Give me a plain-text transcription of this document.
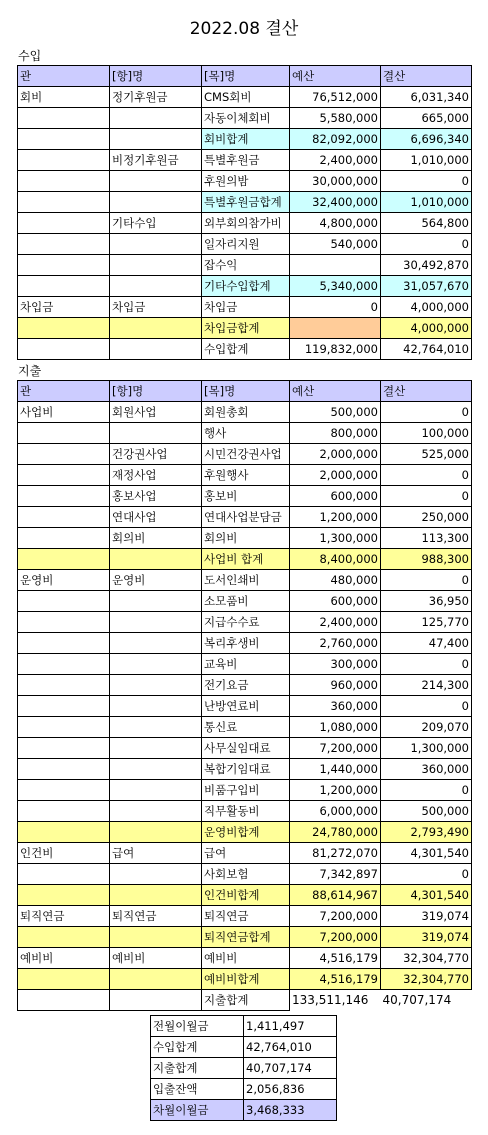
2022.08 결산
수입
관	[항]명	[목]명	예산	결산
회비	정기후원금	CMS회비	76,512,000	6,031,340
		자동이체회비	5,580,000	665,000
		회비합계	82,092,000	6,696,340
	비정기후원금	특별후원금	2,400,000	1,010,000
		후원의밤	30,000,000	0
		특별후원금합계	32,400,000	1,010,000
	기타수입	외부회의참가비	4,800,000	564,800
		일자리지원	540,000	0
		잡수익		30,492,870
		기타수입합계	5,340,000	31,057,670
차입금	차입금	차입금	0	4,000,000
		차입금합계		4,000,000
		수입합계	119,832,000	42,764,010
지출
관	[항]명	[목]명	예산	결산
사업비	회원사업	회원총회	500,000	0
		행사	800,000	100,000
	건강권사업	시민건강권사업	2,000,000	525,000
	재정사업	후원행사	2,000,000	0
	홍보사업	홍보비	600,000	0
	연대사업	연대사업분담금	1,200,000	250,000
	회의비	회의비	1,300,000	113,300
		사업비 합계	8,400,000	988,300
운영비	운영비	도서인쇄비	480,000	0
		소모품비	600,000	36,950
		지급수수료	2,400,000	125,770
		복리후생비	2,760,000	47,400
		교육비	300,000	0
		전기요금	960,000	214,300
		난방연료비	360,000	0
		통신료	1,080,000	209,070
		사무실임대료	7,200,000	1,300,000
		복합기임대료	1,440,000	360,000
		비품구입비	1,200,000	0
		직무활동비	6,000,000	500,000
		운영비합계	24,780,000	2,793,490
인건비	급여	급여	81,272,070	4,301,540
		사회보험	7,342,897	0
		인건비합계	88,614,967	4,301,540
퇴직연금	퇴직연금	퇴직연금	7,200,000	319,074
		퇴직연금합계	7,200,000	319,074
예비비	예비비	예비비	4,516,179	32,304,770
		예비비합계	4,516,179	32,304,770
		지출합계	133,511,146	40,707,174
전월이월금	1,411,497
수입합계	42,764,010
지출합계	40,707,174
입출잔액	2,056,836
차월이월금	3,468,333
